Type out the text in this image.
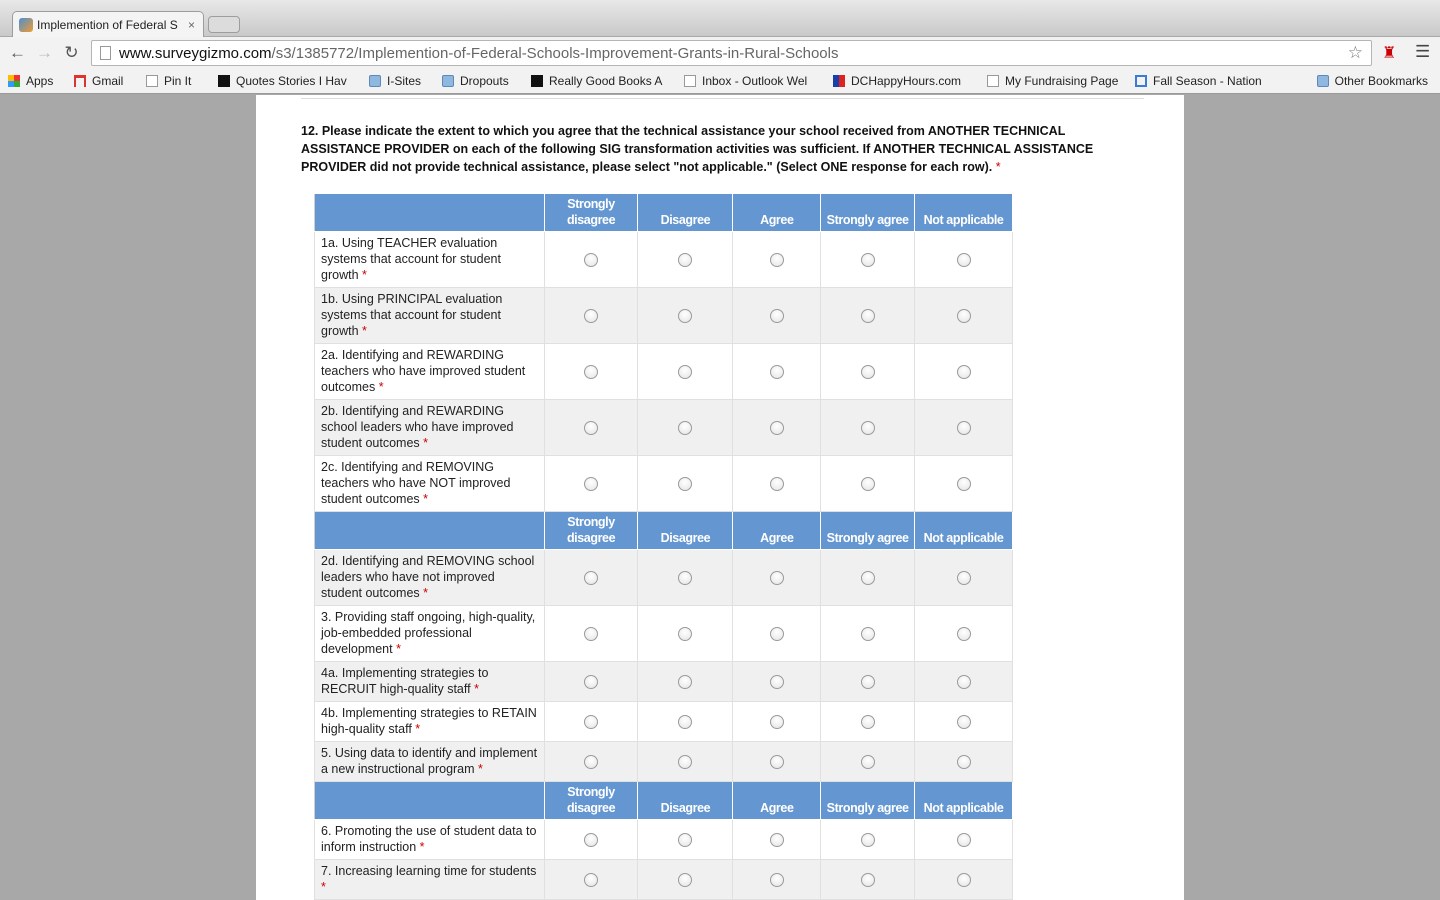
Implemention of Federal S ×
← → ↻	www.surveygizmo.com /s3/1385772/Implemention-of-Federal-Schools-Improvement-Grants-in-Rural-Schools	☆ ♜ ☰
Other Bookmarks
Apps	Gmail	Pin It	Quotes Stories I Hav	I-Sites	Dropouts	Really Good Books A	Inbox - Outlook Wel	DCHappyHours.com	My Fundraising Page	Fall Season - Nation
12. Please indicate the extent to which you agree that the technical assistance your school received from ANOTHER TECHNICAL ASSISTANCE PROVIDER on each of the following SIG transformation activities was sufficient. If ANOTHER TECHNICAL ASSISTANCE PROVIDER did not provide technical assistance, please select "not applicable." (Select ONE response for each row). *
	Strongly disagree	Disagree	Agree	Strongly agree	Not applicable
1a. Using TEACHER evaluation systems that account for student growth *					
1b. Using PRINCIPAL evaluation systems that account for student growth *					
2a. Identifying and REWARDING teachers who have improved student outcomes *					
2b. Identifying and REWARDING school leaders who have improved student outcomes *					
2c. Identifying and REMOVING teachers who have NOT improved student outcomes *					
	Strongly disagree	Disagree	Agree	Strongly agree	Not applicable
2d. Identifying and REMOVING school leaders who have not improved student outcomes *					
3. Providing staff ongoing, high-quality, job-embedded professional development *					
4a. Implementing strategies to RECRUIT high-quality staff *					
4b. Implementing strategies to RETAIN high-quality staff *					
5. Using data to identify and implement a new instructional program *					
	Strongly disagree	Disagree	Agree	Strongly agree	Not applicable
6. Promoting the use of student data to inform instruction *					
7. Increasing learning time for students *					
